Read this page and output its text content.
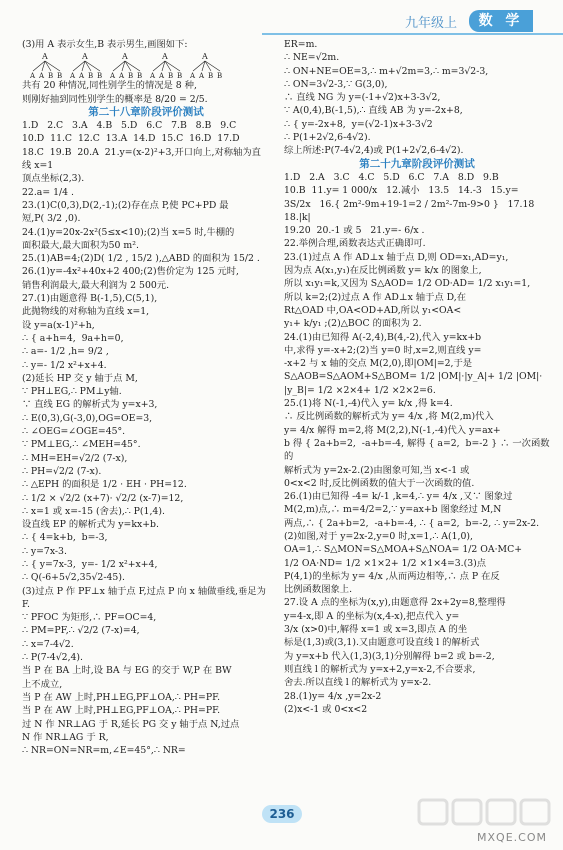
九年级上	数 学
(3)用 A 表示女生,B 表示男生,画图如下:
A
A A B B
A
A A B B
A
A A B B
A
A A B B
A
A A B B
共有 20 种情况,同性别学生的情况是 8 种,
则刚好抽到同性别学生的概率是 8/20 = 2/5.
第二十八章阶段评价测试
1.D   2.C   3.A   4.B   5.D   6.C   7.B   8.B   9.C
10.D  11.C  12.C  13.A  14.D  15.C  16.D  17.D
18.C  19.B  20.A  21.y=(x-2)²+3,开口向上,对称轴为直线 x=1
顶点坐标(2,3).
22.a= 1/4 .
23.(1)C(0,3),D(2,-1);(2)存在点 P,使 PC+PD 最
短,P( 3/2 ,0).
24.(1)y=20x-2x²(5≤x<10);(2)当 x=5 时,牛棚的
面积最大,最大面积为50 m².
25.(1)AB=4;(2)D( 1/2 , 15/2 ),△ABD 的面积为 15/2 .
26.(1)y=-4x²+40x+2 400;(2)售价定为 125 元时,
销售利润最大,最大利润为 2 500元.
27.(1)由题意得 B(-1,5),C(5,1),
此抛物线的对称轴为直线 x=1,
设 y=a(x-1)²+h,
∴ { a+h=4,  9a+h=0,
∴ a=- 1/2 ,h= 9/2 ,
∴ y=- 1/2 x²+x+4.
(2)延长 HP 交 y 轴于点 M,
∵ PH⊥EG,∴ PM⊥y轴.
∵ 直线 EG 的解析式为 y=x+3,
∴ E(0,3),G(-3,0),OG=OE=3,
∴ ∠OEG=∠OGE=45°.
∵ PM⊥EG,∴ ∠MEH=45°.
∴ MH=EH=√2/2 (7-x),
∴ PH=√2/2 (7-x).
∴ △EPH 的面积是 1/2 · EH · PH=12.
∴ 1/2 × √2/2 (x+7)· √2/2 (x-7)=12,
∴ x=1 或 x=-15 (舍去),∴ P(1,4).
设直线 EP 的解析式为 y=kx+b.
∴ { 4=k+b,  b=-3,
∴ y=7x-3.
∴ { y=7x-3,  y=- 1/2 x²+x+4,
∴ Q(-6+5√2,35√2-45).
(3)过点 P 作 PF⊥x 轴于点 F,过点 P 向 x 轴做垂线,垂足为 F.
∵ PFOC 为矩形,∴ PF=OC=4,
∴ PM=PF,∴ √2/2 (7-x)=4,
∴ x=7-4√2.
∴ P(7-4√2,4).
当 P 在 BA 上时,设 BA 与 EG 的交于 W,P 在 BW
上不成立,
当 P 在 AW 上时,PH⊥EG,PF⊥OA,∴ PH=PF.
当 P 在 AW 上时,PH⊥EG,PF⊥OA,∴ PH=PF.
过 N 作 NR⊥AG 于 R,延长 PG 交 y 轴于点 N,过点
N 作 NR⊥AG 于 R,
∴ NR=ON=NR=m,∠E=45°,∴ NR=
ER=m.
∴ NE=√2m.
∴ ON+NE=OE=3,∴ m+√2m=3,∴ m=3√2-3,
∴ ON=3√2-3,∵ G(3,0),
∴ 直线 NG 为 y=(-1+√2)x+3-3√2,
∵ A(0,4),B(-1,5),∴ 直线 AB 为 y=-2x+8,
∴ { y=-2x+8,  y=(√2-1)x+3-3√2
∴ P(1+2√2,6-4√2).
综上所述:P(7-4√2,4)或 P(1+2√2,6-4√2).
第二十九章阶段评价测试
1.D   2.A   3.C   4.C   5.D   6.C   7.A   8.D   9.B
10.B  11.y= 1 000/x   12.减小   13.5   14.-3   15.y=
3S/2x   16.{ 2m²-9m+19-1=2 / 2m²-7m-9>0 }   17.18   18.|k|
19.20  20.-1 或 5   21.y=- 6/x .
22.举例合理,函数表达式正确即可.
23.(1)过点 A 作 AD⊥x 轴于点 D,则 OD=x₁,AD=y₁,
因为点 A(x₁,y₁)在反比例函数 y= k/x 的图象上,
所以 x₁y₁=k,又因为 S△AOD= 1/2 OD·AD= 1/2 x₁y₁=1,
所以 k=2;(2)过点 A 作 AD⊥x 轴于点 D,在
Rt△OAD 中,OA<OD+AD,所以 y₁<OA<
y₁+ k/y₁ ;(2)△BOC 的面积为 2.
24.(1)由已知得 A(-2,4),B(4,-2),代入 y=kx+b
中,求得 y=-x+2;(2)当 y=0 时,x=2,则直线 y=
-x+2 与 x 轴的交点 M(2,0),即|OM|=2,于是
S△AOB=S△AOM+S△BOM= 1/2 |OM|·|y_A|+ 1/2 |OM|·
|y_B|= 1/2 ×2×4+ 1/2 ×2×2=6.
25.(1)将 N(-1,-4)代入 y= k/x ,得 k=4.
∴ 反比例函数的解析式为 y= 4/x ,将 M(2,m)代入
y= 4/x 解得 m=2,将 M(2,2),N(-1,-4)代入 y=ax+
b 得 { 2a+b=2,  -a+b=-4, 解得 { a=2,  b=-2 } ∴ 一次函数的
解析式为 y=2x-2.(2)由图象可知,当 x<-1 或
0<x<2 时,反比例函数的值大于一次函数的值.
26.(1)由已知得 -4= k/-1 ,k=4,∴ y= 4/x ,又∵ 图象过
M(2,m)点,∴ m=4/2=2,∵ y=ax+b 图象经过 M,N
两点,∴ { 2a+b=2,  -a+b=-4, ∴ { a=2,  b=-2, ∴ y=2x-2.
(2)如图,对于 y=2x-2,y=0 时,x=1,∴ A(1,0),
OA=1,∴ S△MON=S△MOA+S△NOA= 1/2 OA·MC+
1/2 OA·ND= 1/2 ×1×2+ 1/2 ×1×4=3.(3)点
P(4,1)的坐标为 y= 4/x ,从而两边相等,∴ 点 P 在反
比例函数图象上.
27.设 A 点的坐标为(x,y),由题意得 2x+2y=8,整理得
y=4-x,即 A 的坐标为(x,4-x),把点代入 y=
3/x (x>0)中,解得 x=1 或 x=3,即点 A 的坐
标是(1,3)或(3,1).又由题意可设直线 l 的解析式
为 y=x+b 代入(1,3)(3,1)分别解得 b=2 或 b=-2,
则直线 l 的解析式为 y=x+2,y=x-2,不合要求,
舍去.所以直线 l 的解析式为 y=x-2.
28.(1)y= 4/x ,y=2x-2
(2)x<-1 或 0<x<2
236
MXQE.COM
